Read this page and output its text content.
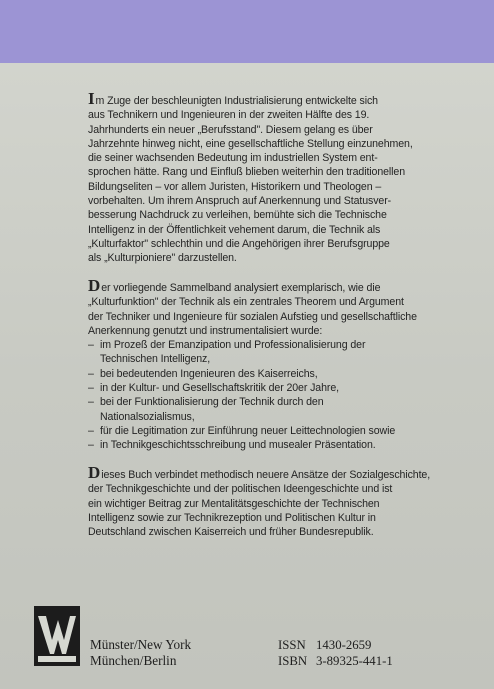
Im Zuge der beschleunigten Industrialisierung entwickelte sich

aus Technikern und Ingenieuren in der zweiten Hälfte des 19.

Jahrhunderts ein neuer „Berufsstand". Diesem gelang es über

Jahrzehnte hinweg nicht, eine gesellschaftliche Stellung einzunehmen,

die seiner wachsenden Bedeutung im industriellen System ent-

sprochen hätte. Rang und Einfluß blieben weiterhin den traditionellen

Bildungseliten – vor allem Juristen, Historikern und Theologen –

vorbehalten. Um ihrem Anspruch auf Anerkennung und Statusver-

besserung Nachdruck zu verleihen, bemühte sich die Technische

Intelligenz in der Öffentlichkeit vehement darum, die Technik als

„Kulturfaktor" schlechthin und die Angehörigen ihrer Berufsgruppe

als „Kulturpioniere" darzustellen.

Der vorliegende Sammelband analysiert exemplarisch, wie die

„Kulturfunktion" der Technik als ein zentrales Theorem und Argument

der Techniker und Ingenieure für sozialen Aufstieg und gesellschaftliche

Anerkennung genutzt und instrumentalisiert wurde:

– im Prozeß der Emanzipation und Professionalisierung der
Technischen Intelligenz,
– bei bedeutenden Ingenieuren des Kaiserreichs,
– in der Kultur- und Gesellschaftskritik der 20er Jahre,
– bei der Funktionalisierung der Technik durch den
Nationalsozialismus,
– für die Legitimation zur Einführung neuer Leittechnologien sowie
– in Technikgeschichtsschreibung und musealer Präsentation.

Dieses Buch verbindet methodisch neuere Ansätze der Sozialgeschichte,

der Technikgeschichte und der politischen Ideengeschichte und ist

ein wichtiger Beitrag zur Mentalitätsgeschichte der Technischen

Intelligenz sowie zur Technikrezeption und Politischen Kultur in

Deutschland zwischen Kaiserreich und früher Bundesrepublik.

Münster/New York
München/Berlin
ISSN 1430-2659
ISBN 3-89325-441-1
